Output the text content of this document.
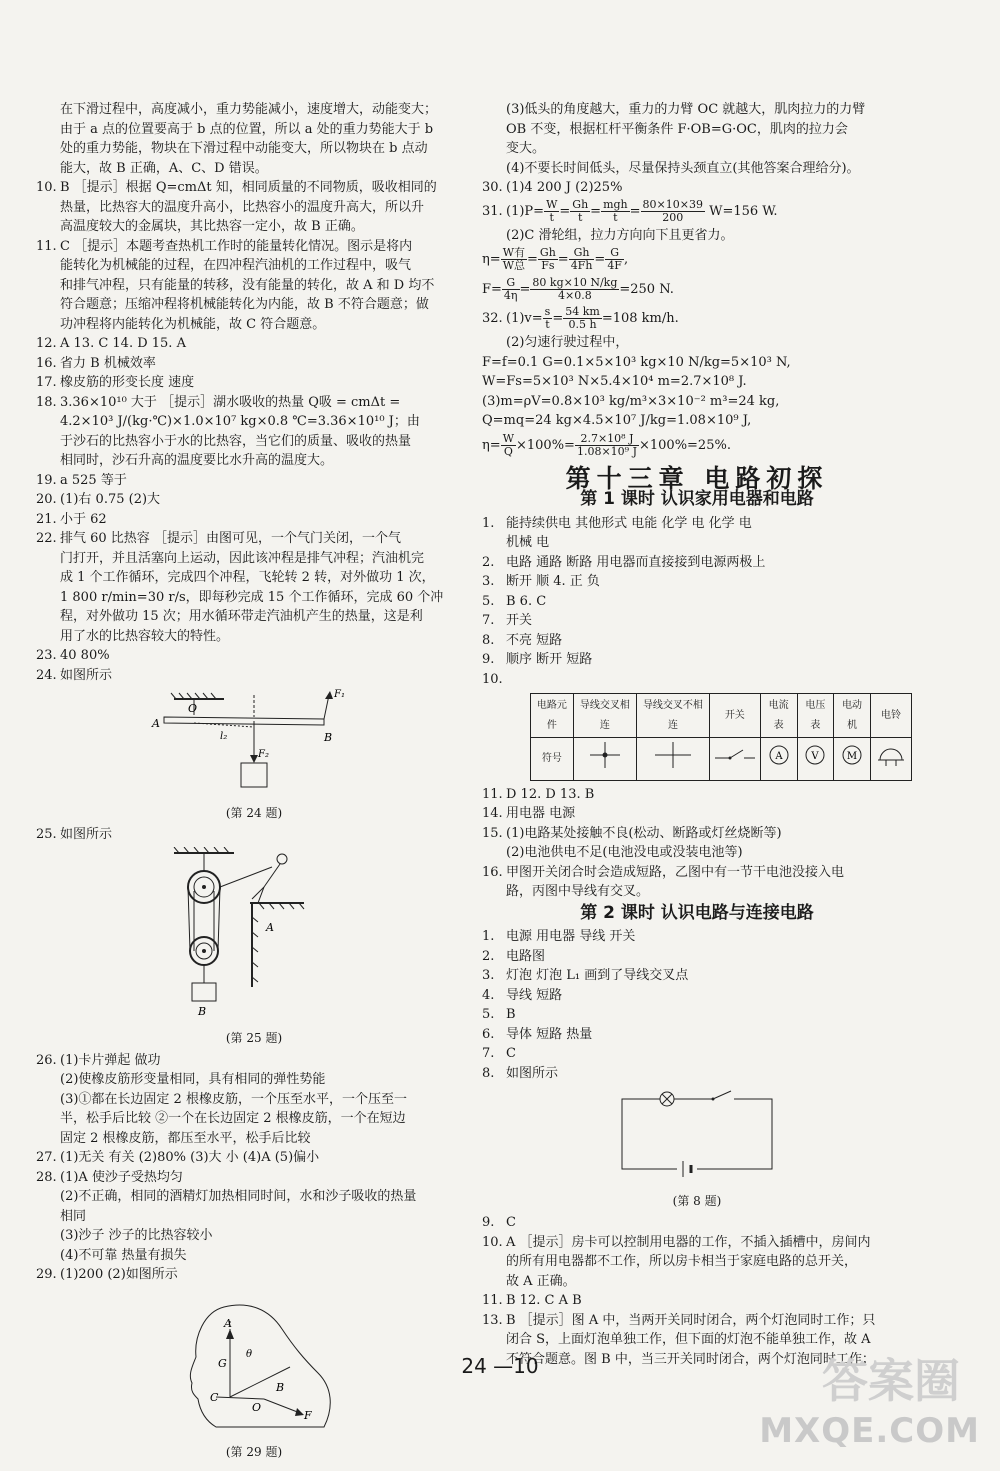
在下滑过程中，高度减小，重力势能减小，速度增大，动能变大；
由于 a 点的位置要高于 b 点的位置，所以 a 处的重力势能大于 b
处的重力势能，物块在下滑过程中动能变大，所以物块在 b 点动
能大，故 B 正确，A、C、D 错误。
10. B ［提示］根据 Q=cmΔt 知，相同质量的不同物质，吸收相同的
热量，比热容大的温度升高小，比热容小的温度升高大，所以升
高温度较大的金属块，其比热容一定小，故 B 正确。
11. C ［提示］本题考查热机工作时的能量转化情况。图示是将内
能转化为机械能的过程，在四冲程汽油机的工作过程中，吸气
和排气冲程，只有能量的转移，没有能量的转化，故 A 和 D 均不
符合题意；压缩冲程将机械能转化为内能，故 B 不符合题意；做
功冲程将内能转化为机械能，故 C 符合题意。
12. A 13. C 14. D 15. A
16. 省力 B 机械效率
17. 橡皮筋的形变长度 速度
18. 3.36×10¹⁰ 大于 ［提示］湖水吸收的热量 Q吸 = cmΔt =
4.2×10³ J/(kg·℃)×1.0×10⁷ kg×0.8 ℃=3.36×10¹⁰ J；由
于沙石的比热容小于水的比热容，当它们的质量、吸收的热量
相同时，沙石升高的温度要比水升高的温度大。
19. a 525 等于
20. (1)右 0.75 (2)大
21. 小于 62
22. 排气 60 比热容 ［提示］由图可见，一个气门关闭，一个气
门打开，并且活塞向上运动，因此该冲程是排气冲程；汽油机完
成 1 个工作循环，完成四个冲程，飞轮转 2 转，对外做功 1 次，
1 800 r/min=30 r/s，即每秒完成 15 个工作循环，完成 60 个冲
程，对外做功 15 次；用水循环带走汽油机产生的热量，这是利
用了水的比热容较大的特性。
23. 40 80%
24. 如图所示
O
A
B
F₁
F₂
l₂
(第 24 题)
25. 如图所示
A
B
(第 25 题)
26. (1)卡片弹起 做功
(2)使橡皮筋形变量相同，具有相同的弹性势能
(3)①都在长边固定 2 根橡皮筋，一个压至水平，一个压至一
半，松手后比较 ②一个在长边固定 2 根橡皮筋，一个在短边
固定 2 根橡皮筋，都压至水平，松手后比较
27. (1)无关 有关 (2)80% (3)大 小 (4)A (5)偏小
28. (1)A 使沙子受热均匀
(2)不正确，相同的酒精灯加热相同时间，水和沙子吸收的热量
相同
(3)沙子 沙子的比热容较小
(4)不可靠 热量有损失
29. (1)200 (2)如图所示
A
G
C
O
B
F
θ
(第 29 题)
(3)低头的角度越大，重力的力臂 OC 就越大，肌肉拉力的力臂
OB 不变，根据杠杆平衡条件 F·OB=G·OC，肌肉的拉力会
变大。
(4)不要长时间低头，尽量保持头颈直立(其他答案合理给分)。
30. (1)4 200 J (2)25%
31. $(1)P= \frac{W}{t} = \frac{Gh}{t} = \frac{\text{mgh}}{t} = \frac{80\times 10\times 39}{200} W=156$ W.
(2)C 滑轮组，拉力方向向下且更省力。
$\eta= \frac{\text{W有}}{\text{W总}} = \frac{Gh}{Fs} = \frac{Gh}{4Fh} = \frac{G}{4F}$ ,
$F= \frac{G}{4\eta} = \frac{80 kg\times 10 N/kg}{4\times 0.8} =250$ N.
32. $(1)v= \frac{s}{t} = \frac{54 km}{0.5 h} =108$ km/h.
(2)匀速行驶过程中，
F=f=0.1 G=0.1×5×10³ kg×10 N/kg=5×10³ N,
W=Fs=5×10³ N×5.4×10⁴ m=2.7×10⁸ J.
(3)m=ρV=0.8×10³ kg/m³×3×10⁻² m³=24 kg,
Q=mq=24 kg×4.5×10⁷ J/kg=1.08×10⁹ J,
$\eta= \frac{W}{Q} \times 100\%= \frac{\text{2.7×10⁸ J}}{\text{1.08×10⁹ J}} \times 100\%=25\%$.
第十三章 电路初探
第 1 课时 认识家用电器和电路
1. 能持续供电 其他形式 电能 化学 电 化学 电
机械 电
2. 电路 通路 断路 用电器而直接接到电源两极上
3. 断开 顺 4. 正 负
5. B 6. C
7. 开关
8. 不亮 短路
9. 顺序 断开 短路
10.
电路元件	导线交叉相连	导线交叉不相连	开关	电流表	电压表	电动机	电铃
符号				A	V	M

11. D 12. D 13. B
14. 用电器 电源
15. (1)电路某处接触不良(松动、断路或灯丝烧断等)
(2)电池供电不足(电池没电或没装电池等)
16. 甲图开关闭合时会造成短路，乙图中有一节干电池没接入电
路，丙图中导线有交叉。
第 2 课时 认识电路与连接电路
1. 电源 用电器 导线 开关
2. 电路图
3. 灯泡 灯泡 L₁ 画到了导线交叉点
4. 导线 短路
5. B
6. 导体 短路 热量
7. C
8. 如图所示
(第 8 题)
9. C
10. A ［提示］房卡可以控制用电器的工作，不插入插槽中，房间内
的所有用电器都不工作，所以房卡相当于家庭电路的总开关，
故 A 正确。
11. B 12. C A B
13. B ［提示］图 A 中，当两开关同时闭合，两个灯泡同时工作；只
闭合 S，上面灯泡单独工作，但下面的灯泡不能单独工作，故 A
不符合题意。图 B 中，当三开关同时闭合，两个灯泡同时工作；
24 —10	答案圈
MXQE.COM
